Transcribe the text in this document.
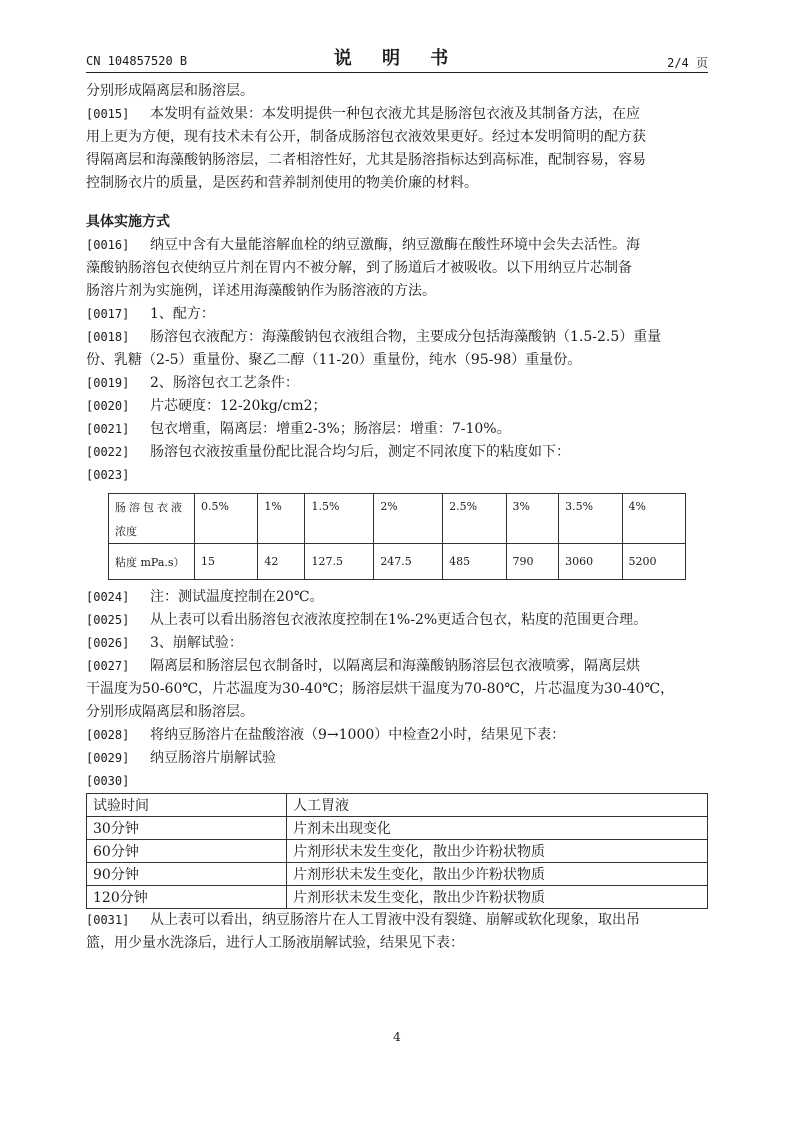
CN 104857520 B	说 明 书	2/4 页
分别形成隔离层和肠溶层。
[0015] 本发明有益效果：本发明提供一种包衣液尤其是肠溶包衣液及其制备方法，在应
用上更为方便，现有技术未有公开，制备成肠溶包衣液效果更好。经过本发明简明的配方获
得隔离层和海藻酸钠肠溶层，二者相溶性好，尤其是肠溶指标达到高标准，配制容易，容易
控制肠衣片的质量，是医药和营养制剂使用的物美价廉的材料。
具体实施方式
[0016] 纳豆中含有大量能溶解血栓的纳豆激酶，纳豆激酶在酸性环境中会失去活性。海
藻酸钠肠溶包衣使纳豆片剂在胃内不被分解，到了肠道后才被吸收。以下用纳豆片芯制备
肠溶片剂为实施例，详述用海藻酸钠作为肠溶液的方法。
[0017] 1、配方：
[0018] 肠溶包衣液配方：海藻酸钠包衣液组合物，主要成分包括海藻酸钠（1.5-2.5）重量
份、乳糖（2-5）重量份、聚乙二醇（11-20）重量份，纯水（95-98）重量份。
[0019] 2、肠溶包衣工艺条件：
[0020] 片芯硬度：12-20kg/cm2；
[0021] 包衣增重，隔离层：增重2-3%；肠溶层：增重：7-10%。
[0022] 肠溶包衣液按重量份配比混合均匀后，测定不同浓度下的粘度如下：
[0023]
肠溶包衣液
浓度	0.5%	1%	1.5%	2%	2.5%	3%	3.5%	4%
粘度 mPa.s）	15	42	127.5	247.5	485	790	3060	5200
[0024] 注：测试温度控制在20℃。
[0025] 从上表可以看出肠溶包衣液浓度控制在1%-2%更适合包衣，粘度的范围更合理。
[0026] 3、崩解试验：
[0027] 隔离层和肠溶层包衣制备时，以隔离层和海藻酸钠肠溶层包衣液喷雾，隔离层烘
干温度为50-60℃，片芯温度为30-40℃；肠溶层烘干温度为70-80℃，片芯温度为30-40℃，
分别形成隔离层和肠溶层。
[0028] 将纳豆肠溶片在盐酸溶液（9→1000）中检查2小时，结果见下表：
[0029] 纳豆肠溶片崩解试验
[0030]
试验时间	人工胃液
30分钟	片剂未出现变化
60分钟	片剂形状未发生变化，散出少许粉状物质
90分钟	片剂形状未发生变化，散出少许粉状物质
120分钟	片剂形状未发生变化，散出少许粉状物质
[0031] 从上表可以看出，纳豆肠溶片在人工胃液中没有裂缝、崩解或软化现象，取出吊
篮，用少量水洗涤后，进行人工肠液崩解试验，结果见下表：
4
